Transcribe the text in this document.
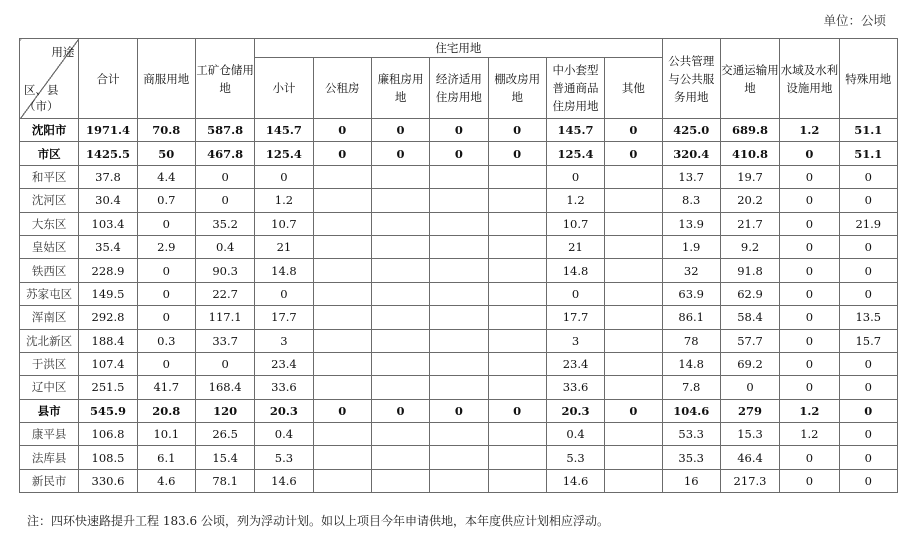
单位：公顷
用途
区、县（市）	合计	商服用地	工矿仓储用地	住宅用地							公共管理与公共服务用地	交通运输用地	水域及水利设施用地	特殊用地
				小计	公租房	廉租房用地	经济适用住房用地	棚改房用地	中小套型普通商品住房用地	其他				
沈阳市	1971.4	70.8	587.8	145.7	0	0	0	0	145.7	0	425.0	689.8	1.2	51.1
市区	1425.5	50	467.8	125.4	0	0	0	0	125.4	0	320.4	410.8	0	51.1
和平区	37.8	4.4	0	0					0		13.7	19.7	0	0
沈河区	30.4	0.7	0	1.2					1.2		8.3	20.2	0	0
大东区	103.4	0	35.2	10.7					10.7		13.9	21.7	0	21.9
皇姑区	35.4	2.9	0.4	21					21		1.9	9.2	0	0
铁西区	228.9	0	90.3	14.8					14.8		32	91.8	0	0
苏家屯区	149.5	0	22.7	0					0		63.9	62.9	0	0
浑南区	292.8	0	117.1	17.7					17.7		86.1	58.4	0	13.5
沈北新区	188.4	0.3	33.7	3					3		78	57.7	0	15.7
于洪区	107.4	0	0	23.4					23.4		14.8	69.2	0	0
辽中区	251.5	41.7	168.4	33.6					33.6		7.8	0	0	0
县市	545.9	20.8	120	20.3	0	0	0	0	20.3	0	104.6	279	1.2	0
康平县	106.8	10.1	26.5	0.4					0.4		53.3	15.3	1.2	0
法库县	108.5	6.1	15.4	5.3					5.3		35.3	46.4	0	0
新民市	330.6	4.6	78.1	14.6					14.6		16	217.3	0	0
注：四环快速路提升工程 183.6 公顷，列为浮动计划。如以上项目今年申请供地，本年度供应计划相应浮动。
